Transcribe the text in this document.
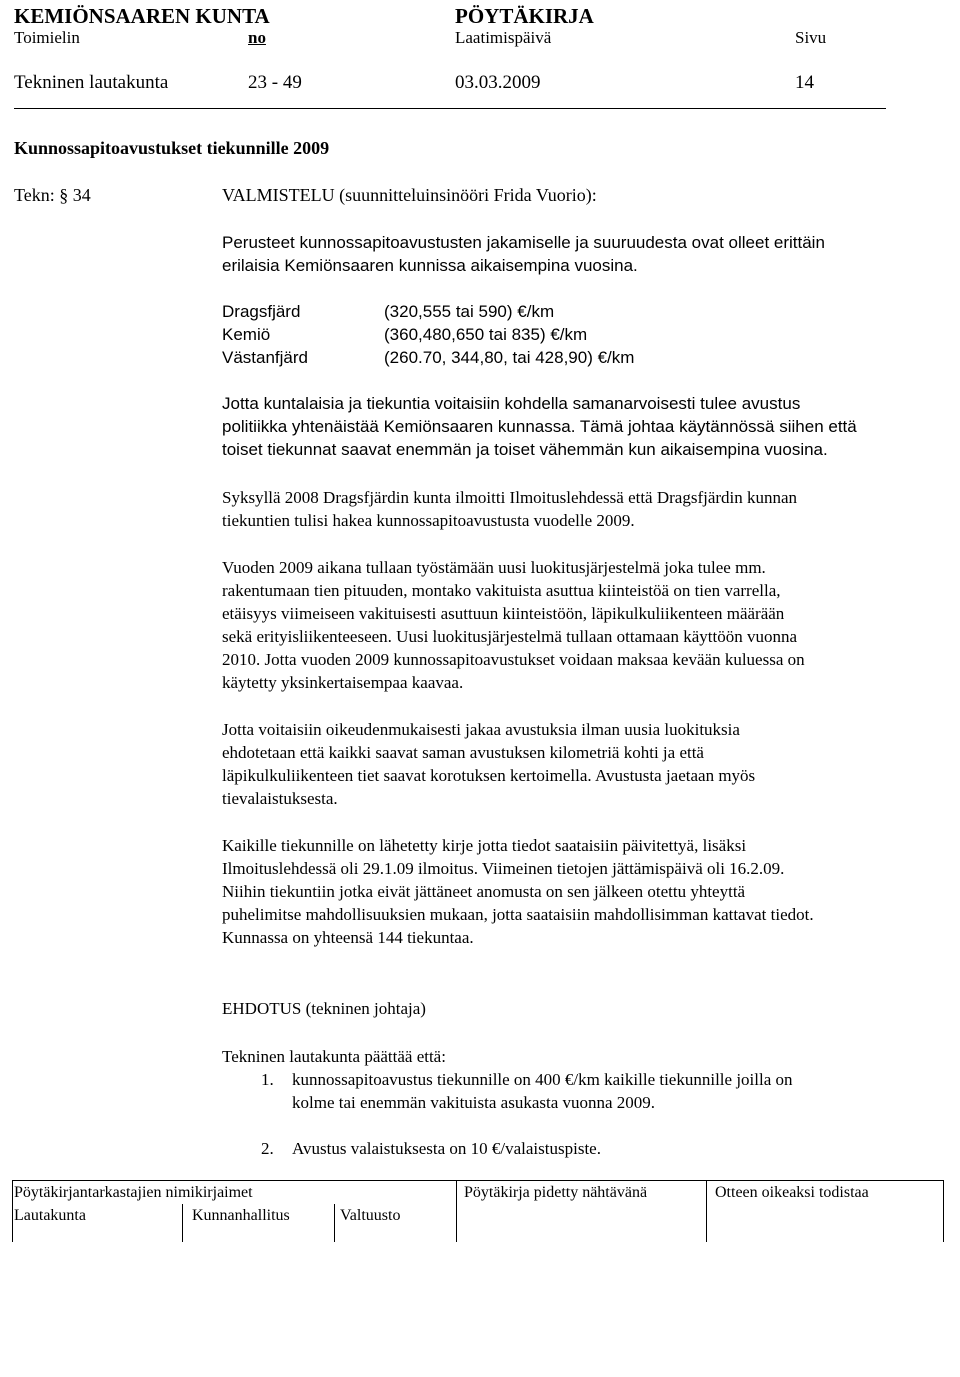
KEMIÖNSAAREN KUNTA	PÖYTÄKIRJA
Toimielin	no	Laatimispäivä	Sivu
Tekninen lautakunta	23 - 49	03.03.2009	14
Kunnossapitoavustukset tiekunnille 2009
Tekn: § 34	VALMISTELU (suunnitteluinsinööri Frida Vuorio):
Perusteet kunnossapitoavustusten jakamiselle ja suuruudesta ovat olleet erittäin
erilaisia Kemiönsaaren kunnissa aikaisempina vuosina.
Dragsfjärd	(320,555 tai 590) €/km
Kemiö	(360,480,650 tai 835) €/km
Västanfjärd	(260.70, 344,80, tai 428,90) €/km
Jotta kuntalaisia ja tiekuntia voitaisiin kohdella samanarvoisesti tulee avustus
politiikka yhtenäistää Kemiönsaaren kunnassa. Tämä johtaa käytännössä siihen että
toiset tiekunnat saavat enemmän ja toiset vähemmän kun aikaisempina vuosina.
Syksyllä 2008 Dragsfjärdin kunta ilmoitti Ilmoituslehdessä että Dragsfjärdin kunnan
tiekuntien tulisi hakea kunnossapitoavustusta vuodelle 2009.
Vuoden 2009 aikana tullaan työstämään uusi luokitusjärjestelmä joka tulee mm.
rakentumaan tien pituuden, montako vakituista asuttua kiinteistöä on tien varrella,
etäisyys viimeiseen vakituisesti asuttuun kiinteistöön, läpikulkuliikenteen määrään
sekä erityisliikenteeseen. Uusi luokitusjärjestelmä tullaan ottamaan käyttöön vuonna
2010. Jotta vuoden 2009 kunnossapitoavustukset voidaan maksaa kevään kuluessa on
käytetty yksinkertaisempaa kaavaa.
Jotta voitaisiin oikeudenmukaisesti jakaa avustuksia ilman uusia luokituksia
ehdotetaan että kaikki saavat saman avustuksen kilometriä kohti ja että
läpikulkuliikenteen tiet saavat korotuksen kertoimella. Avustusta jaetaan myös
tievalaistuksesta.
Kaikille tiekunnille on lähetetty kirje jotta tiedot saataisiin päivitettyä, lisäksi
Ilmoituslehdessä oli 29.1.09 ilmoitus. Viimeinen tietojen jättämispäivä oli 16.2.09.
Niihin tiekuntiin jotka eivät jättäneet anomusta on sen jälkeen otettu yhteyttä
puhelimitse mahdollisuuksien mukaan, jotta saataisiin mahdollisimman kattavat tiedot.
Kunnassa on yhteensä 144 tiekuntaa.
EHDOTUS (tekninen johtaja)
Tekninen lautakunta päättää että:
1. kunnossapitoavustus tiekunnille on 400 €/km kaikille tiekunnille joilla on
kolme tai enemmän vakituista asukasta vuonna 2009.
2. Avustus valaistuksesta on 10 €/valaistuspiste.
Pöytäkirjantarkastajien nimikirjaimet	Pöytäkirja pidetty nähtävänä	Otteen oikeaksi todistaa
Lautakunta	Kunnanhallitus	Valtuusto
